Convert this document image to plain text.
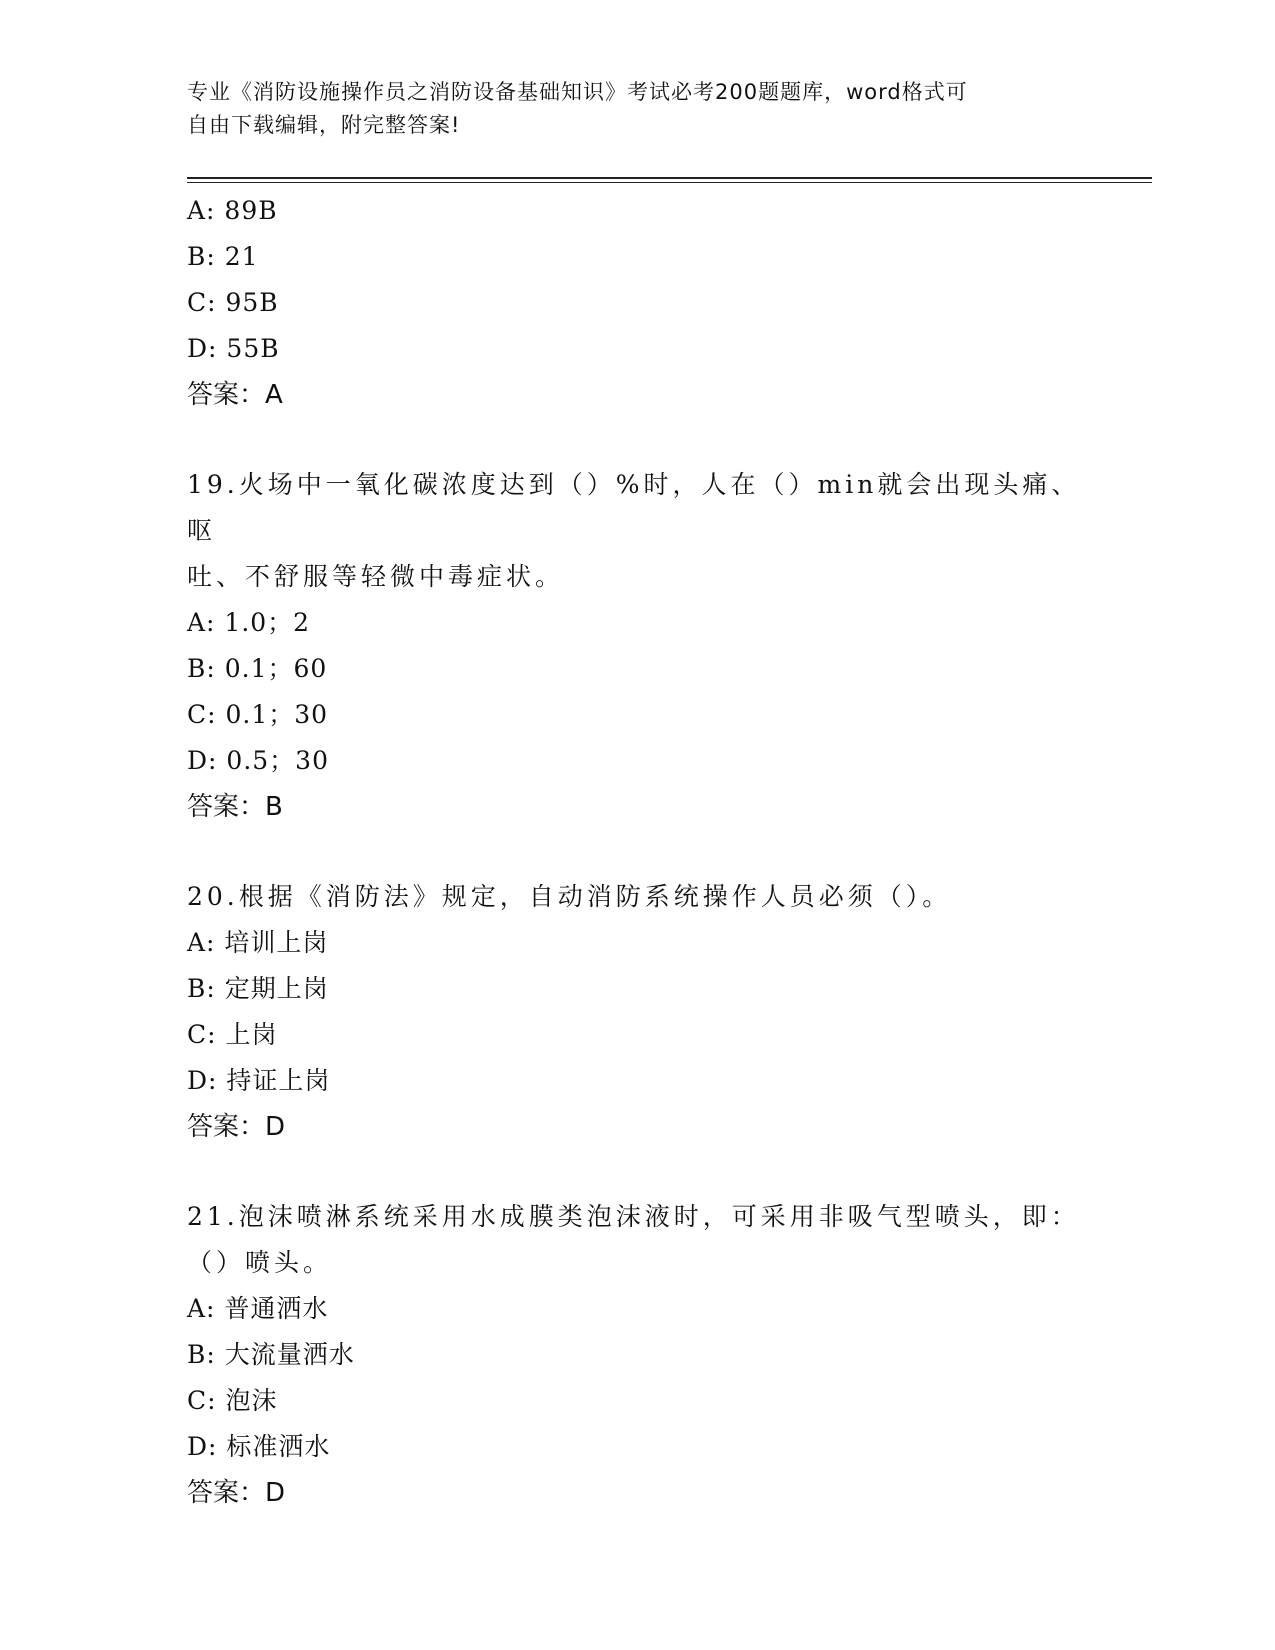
专业《消防设施操作员之消防设备基础知识》考试必考200题题库，word格式可
自由下载编辑，附完整答案!
A: 89B
B: 21
C: 95B
D: 55B
答案：A
19.火场中一氧化碳浓度达到（）%时，人在（）min就会出现头痛、呕
吐、不舒服等轻微中毒症状。
A: 1.0；2
B: 0.1；60
C: 0.1；30
D: 0.5；30
答案：B
20.根据《消防法》规定，自动消防系统操作人员必须（）。
A: 培训上岗
B: 定期上岗
C: 上岗
D: 持证上岗
答案：D
21.泡沫喷淋系统采用水成膜类泡沫液时，可采用非吸气型喷头，即：
（）喷头。
A: 普通洒水
B: 大流量洒水
C: 泡沫
D: 标准洒水
答案：D
